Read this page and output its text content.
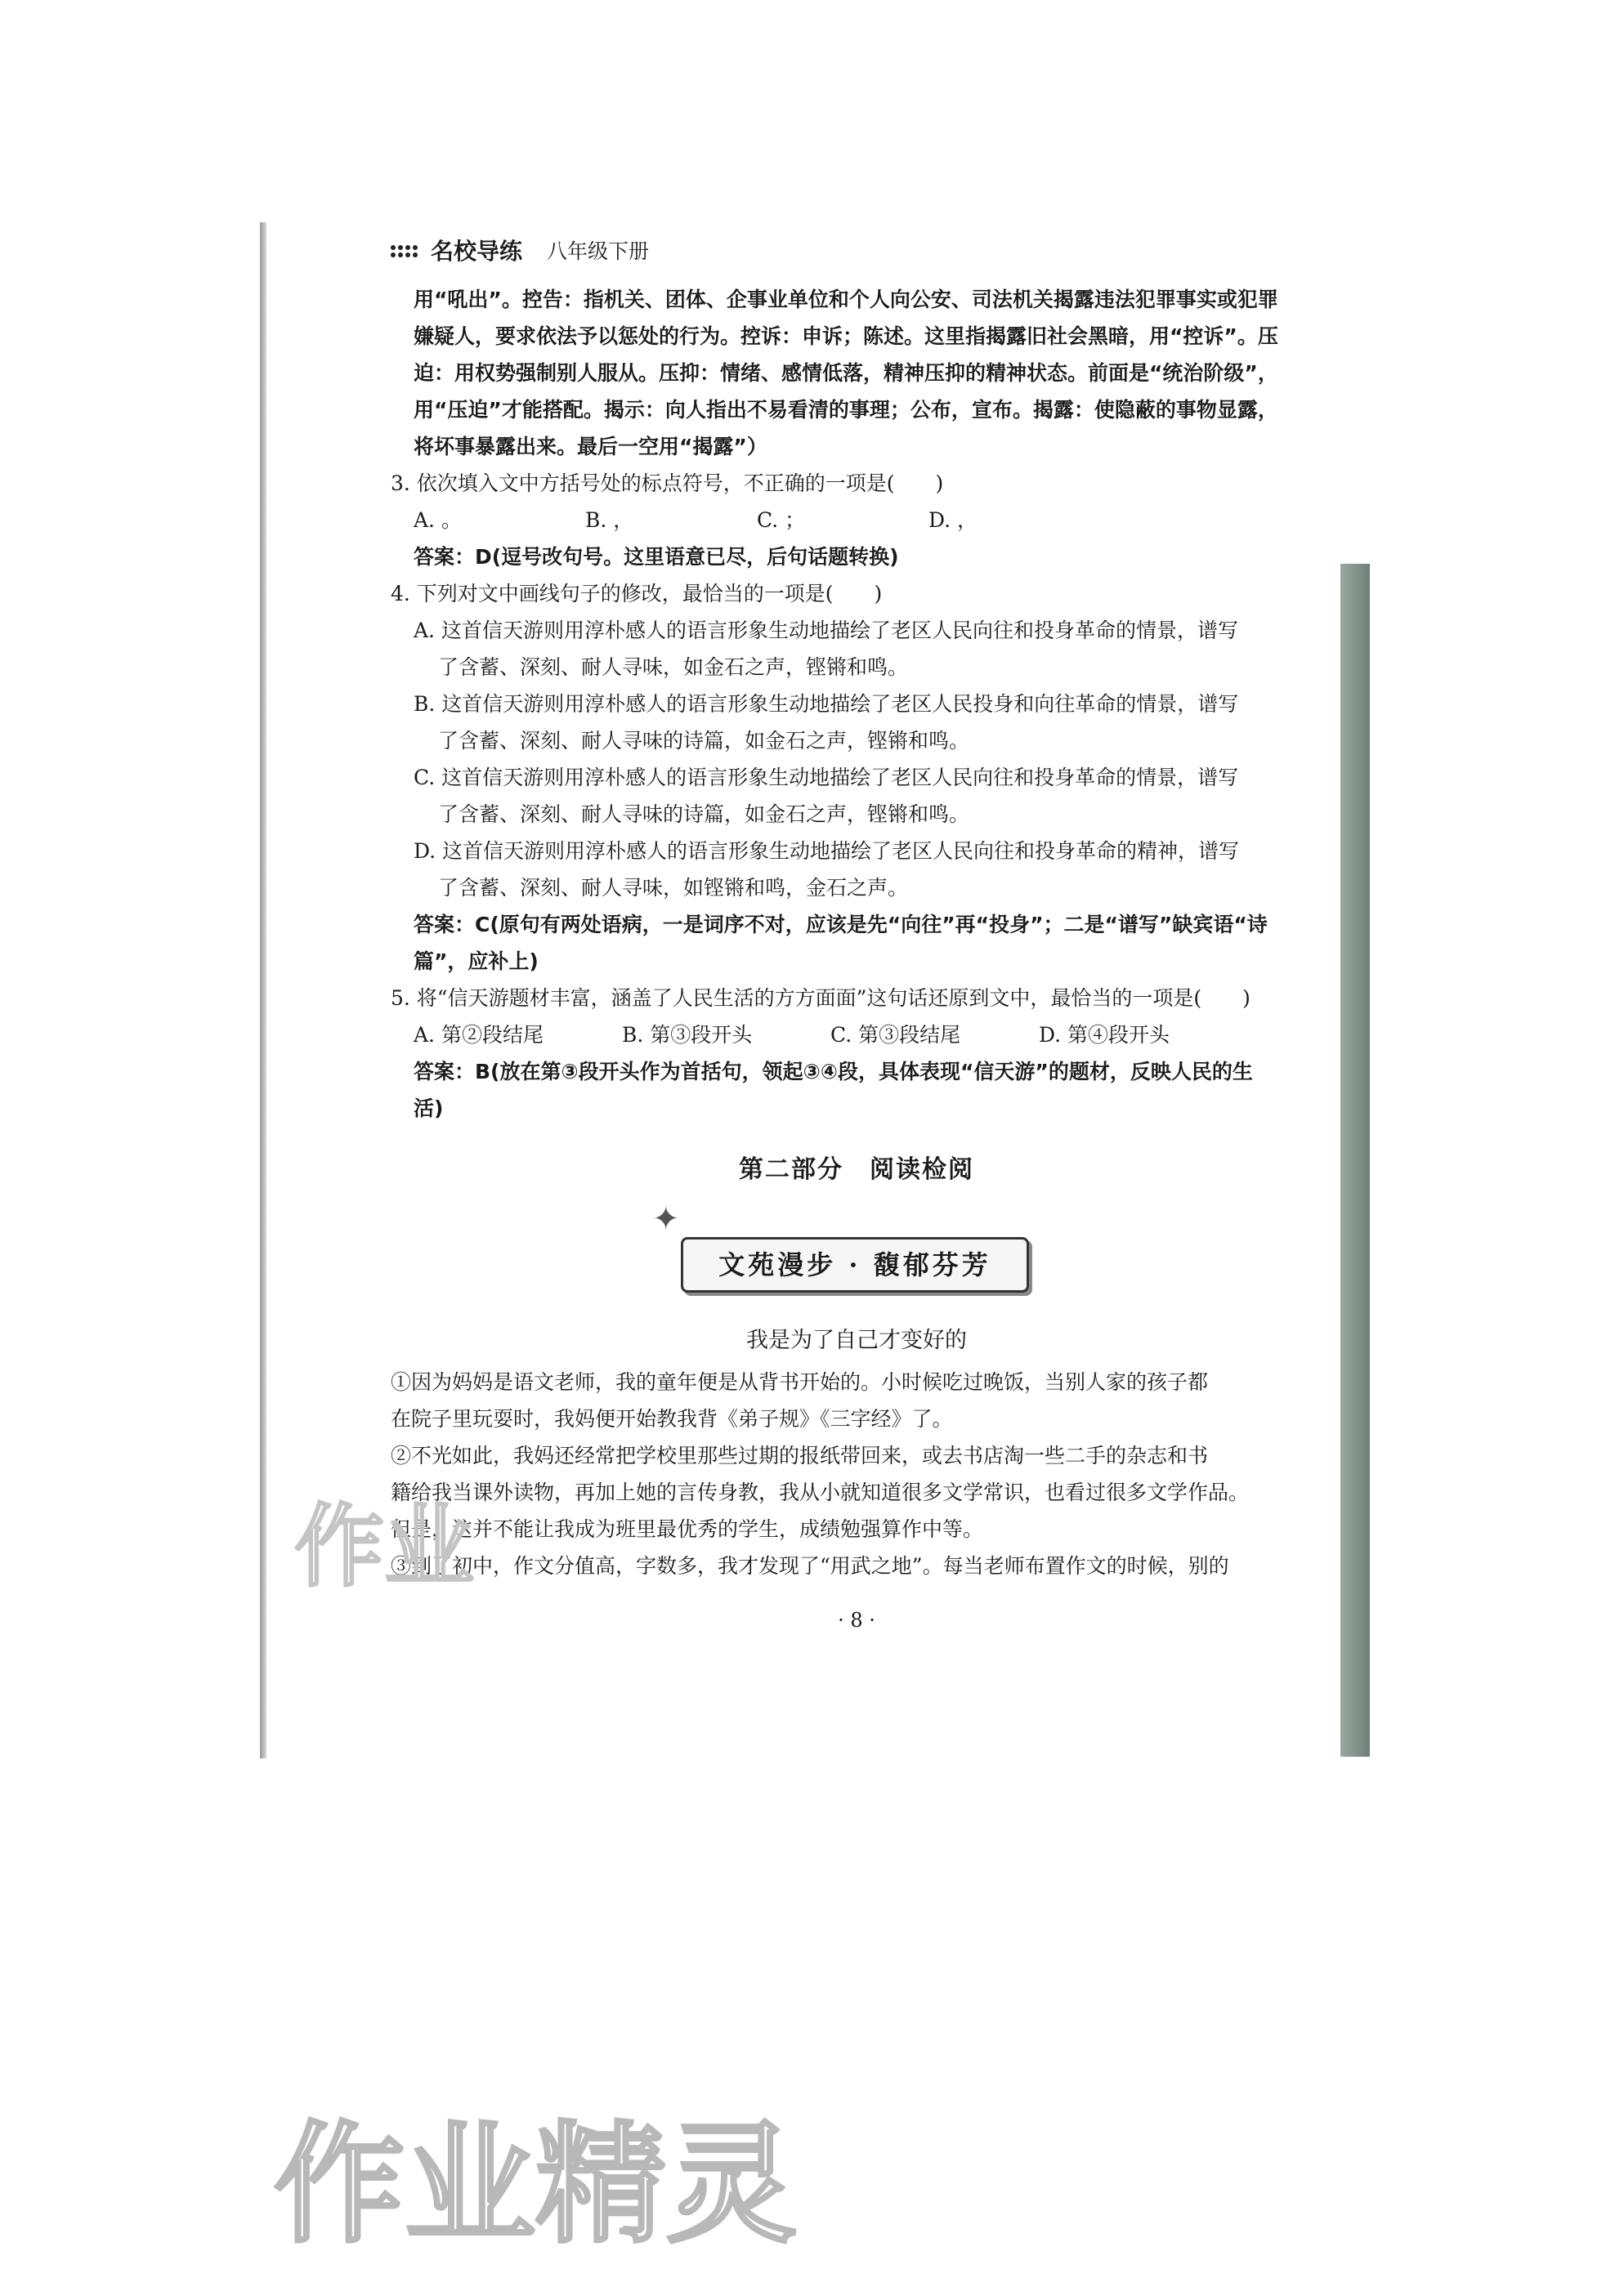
名校导练 八年级下册

用“吼出”。控告：指机关、团体、企事业单位和个人向公安、司法机关揭露违法犯罪事实或犯罪

嫌疑人，要求依法予以惩处的行为。控诉：申诉；陈述。这里指揭露旧社会黑暗，用“控诉”。压

迫：用权势强制别人服从。压抑：情绪、感情低落，精神压抑的精神状态。前面是“统治阶级”，

用“压迫”才能搭配。揭示：向人指出不易看清的事理；公布，宣布。揭露：使隐蔽的事物显露，

将坏事暴露出来。最后一空用“揭露”）

3. 依次填入文中方括号处的标点符号，不正确的一项是(　　)

A. 。	B. ，	C. ；	D. ，

答案：D(逗号改句号。这里语意已尽，后句话题转换)

4. 下列对文中画线句子的修改，最恰当的一项是(　　)

A. 这首信天游则用淳朴感人的语言形象生动地描绘了老区人民向往和投身革命的情景，谱写

了含蓄、深刻、耐人寻味，如金石之声，铿锵和鸣。

B. 这首信天游则用淳朴感人的语言形象生动地描绘了老区人民投身和向往革命的情景，谱写

了含蓄、深刻、耐人寻味的诗篇，如金石之声，铿锵和鸣。

C. 这首信天游则用淳朴感人的语言形象生动地描绘了老区人民向往和投身革命的情景，谱写

了含蓄、深刻、耐人寻味的诗篇，如金石之声，铿锵和鸣。

D. 这首信天游则用淳朴感人的语言形象生动地描绘了老区人民向往和投身革命的精神，谱写

了含蓄、深刻、耐人寻味，如铿锵和鸣，金石之声。

答案：C(原句有两处语病，一是词序不对，应该是先“向往”再“投身”；二是“谱写”缺宾语“诗

篇”，应补上)

5. 将“信天游题材丰富，涵盖了人民生活的方方面面”这句话还原到文中，最恰当的一项是(　　)

A. 第②段结尾	B. 第③段开头	C. 第③段结尾	D. 第④段开头

答案：B(放在第③段开头作为首括句，领起③④段，具体表现“信天游”的题材，反映人民的生

活)

第二部分　阅读检阅
✦
文苑漫步 · 馥郁芬芳
我是为了自己才变好的

①因为妈妈是语文老师，我的童年便是从背书开始的。小时候吃过晚饭，当别人家的孩子都

在院子里玩耍时，我妈便开始教我背《弟子规》《三字经》了。

②不光如此，我妈还经常把学校里那些过期的报纸带回来，或去书店淘一些二手的杂志和书

籍给我当课外读物，再加上她的言传身教，我从小就知道很多文学常识，也看过很多文学作品。

但是，这并不能让我成为班里最优秀的学生，成绩勉强算作中等。

③到了初中，作文分值高，字数多，我才发现了“用武之地”。每当老师布置作文的时候，别的

· 8 ·
作业
作业精灵
